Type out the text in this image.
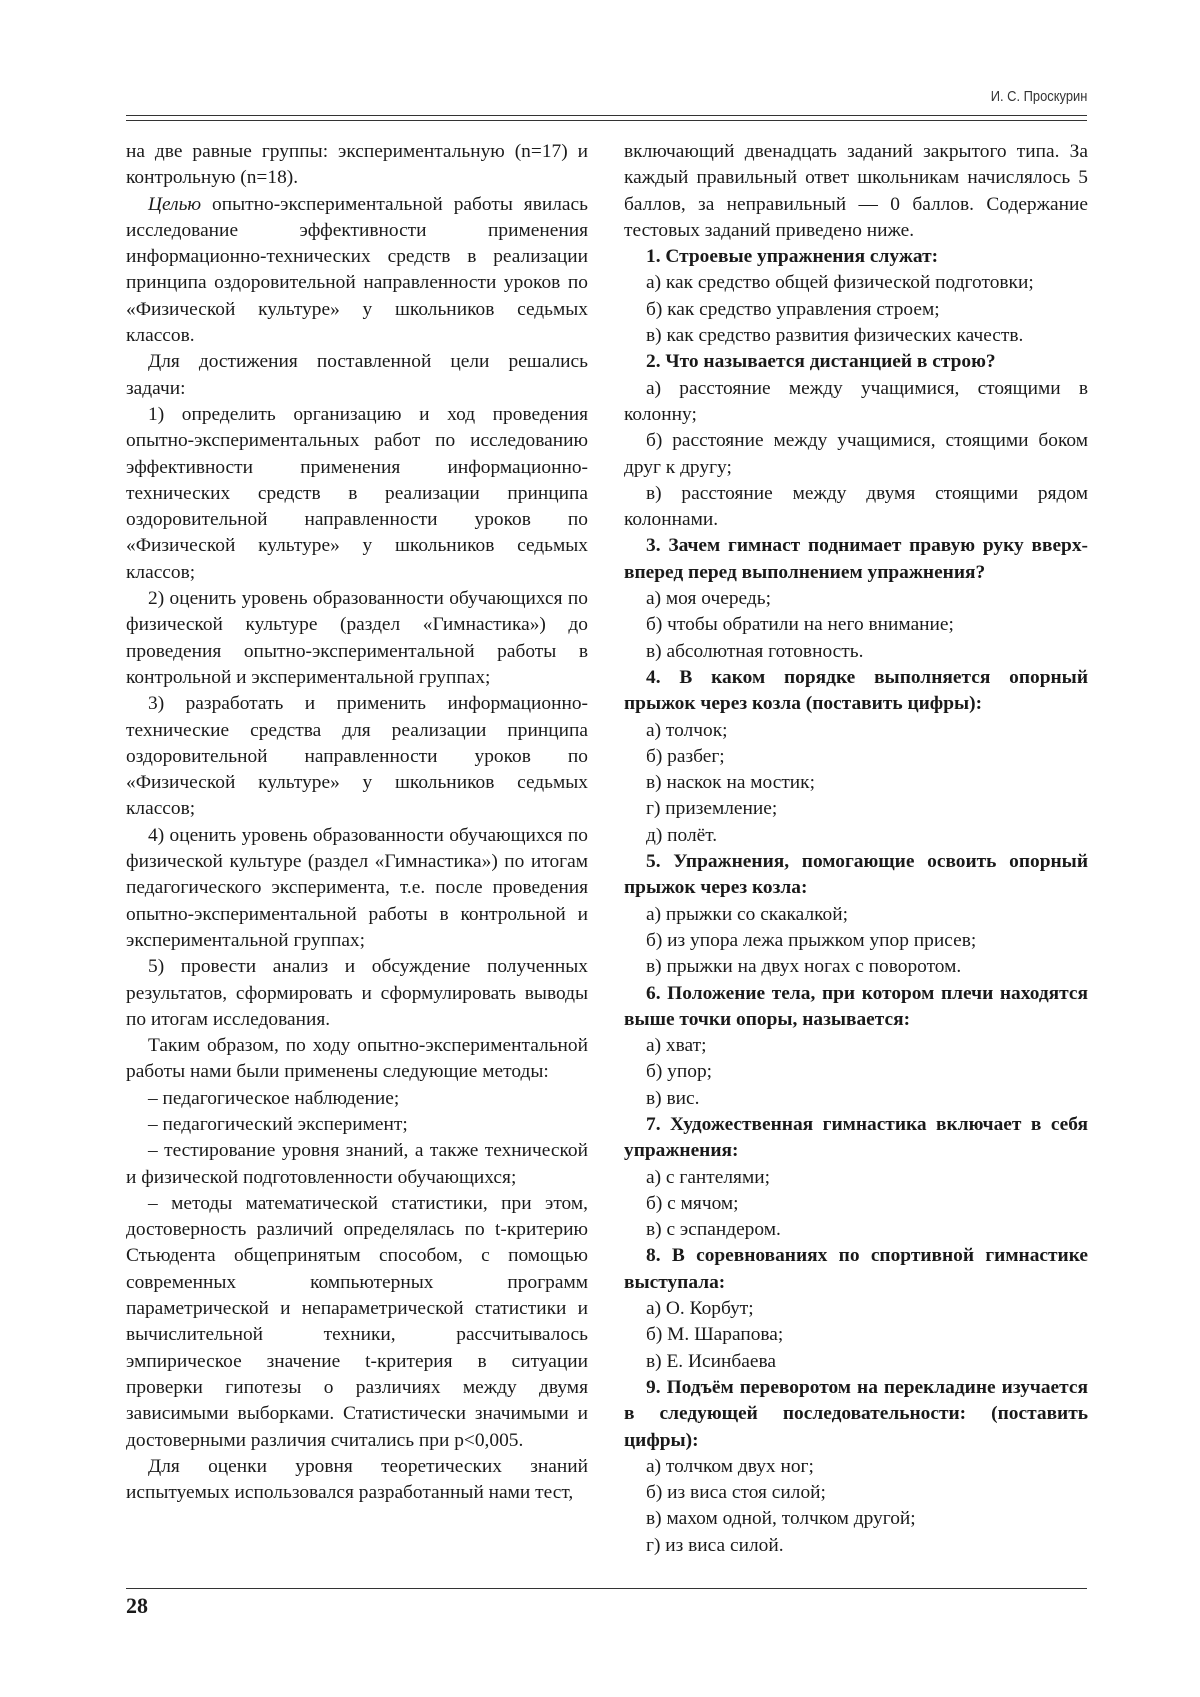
И. С. Проскурин

на две равные группы: экспериментальную (n=17) и контрольную (n=18).

Целью опытно-экспериментальной работы явилась исследование эффективности применения информационно-технических средств в реализации принципа оздоровительной направленности уроков по «Физической культуре» у школьников седьмых классов.

Для достижения поставленной цели решались задачи:

1) определить организацию и ход проведения опытно-экспериментальных работ по исследованию эффективности применения информационно-технических средств в реализации принципа оздоровительной направленности уроков по «Физической культуре» у школьников седьмых классов;

2) оценить уровень образованности обучающихся по физической культуре (раздел «Гимнастика») до проведения опытно-экспериментальной работы в контрольной и экспериментальной группах;

3) разработать и применить информационно-технические средства для реализации принципа оздоровительной направленности уроков по «Физической культуре» у школьников седьмых классов;

4) оценить уровень образованности обучающихся по физической культуре (раздел «Гимнастика») по итогам педагогического эксперимента, т.е. после проведения опытно-экспериментальной работы в контрольной и экспериментальной группах;

5) провести анализ и обсуждение полученных результатов, сформировать и сформулировать выводы по итогам исследования.

Таким образом, по ходу опытно-экспериментальной работы нами были применены следующие методы:

– педагогическое наблюдение;

– педагогический эксперимент;

– тестирование уровня знаний, а также технической и физической подготовленности обучающихся;

– методы математической статистики, при этом, достоверность различий определялась по t-критерию Стьюдента общепринятым способом, с помощью современных компьютерных программ параметрической и непараметрической статистики и вычислительной техники, рассчитывалось эмпирическое значение t-критерия в ситуации проверки гипотезы о различиях между двумя зависимыми выборками. Статистически значимыми и достоверными различия считались при p<0,005.

Для оценки уровня теоретических знаний испытуемых использовался разработанный нами тест,

включающий двенадцать заданий закрытого типа. За каждый правильный ответ школьникам начислялось 5 баллов, за неправильный — 0 баллов. Содержание тестовых заданий приведено ниже.

1. Строевые упражнения служат:

а) как средство общей физической подготовки;

б) как средство управления строем;

в) как средство развития физических качеств.

2. Что называется дистанцией в строю?

а) расстояние между учащимися, стоящими в колонну;

б) расстояние между учащимися, стоящими боком друг к другу;

в) расстояние между двумя стоящими рядом колоннами.

3. Зачем гимнаст поднимает правую руку вверх-вперед перед выполнением упражнения?

а) моя очередь;

б) чтобы обратили на него внимание;

в) абсолютная готовность.

4. В каком порядке выполняется опорный прыжок через козла (поставить цифры):

а) толчок;

б) разбег;

в) наскок на мостик;

г) приземление;

д) полёт.

5. Упражнения, помогающие освоить опорный прыжок через козла:

а) прыжки со скакалкой;

б) из упора лежа прыжком упор присев;

в) прыжки на двух ногах с поворотом.

6. Положение тела, при котором плечи находятся выше точки опоры, называется:

а) хват;

б) упор;

в) вис.

7. Художественная гимнастика включает в себя упражнения:

а) с гантелями;

б) с мячом;

в) с эспандером.

8. В соревнованиях по спортивной гимнастике выступала:

а) О. Корбут;

б) М. Шарапова;

в) Е. Исинбаева

9. Подъём переворотом на перекладине изучается в следующей последовательности: (поставить цифры):

а) толчком двух ног;

б) из виса стоя силой;

в) махом одной, толчком другой;

г) из виса силой.

28
